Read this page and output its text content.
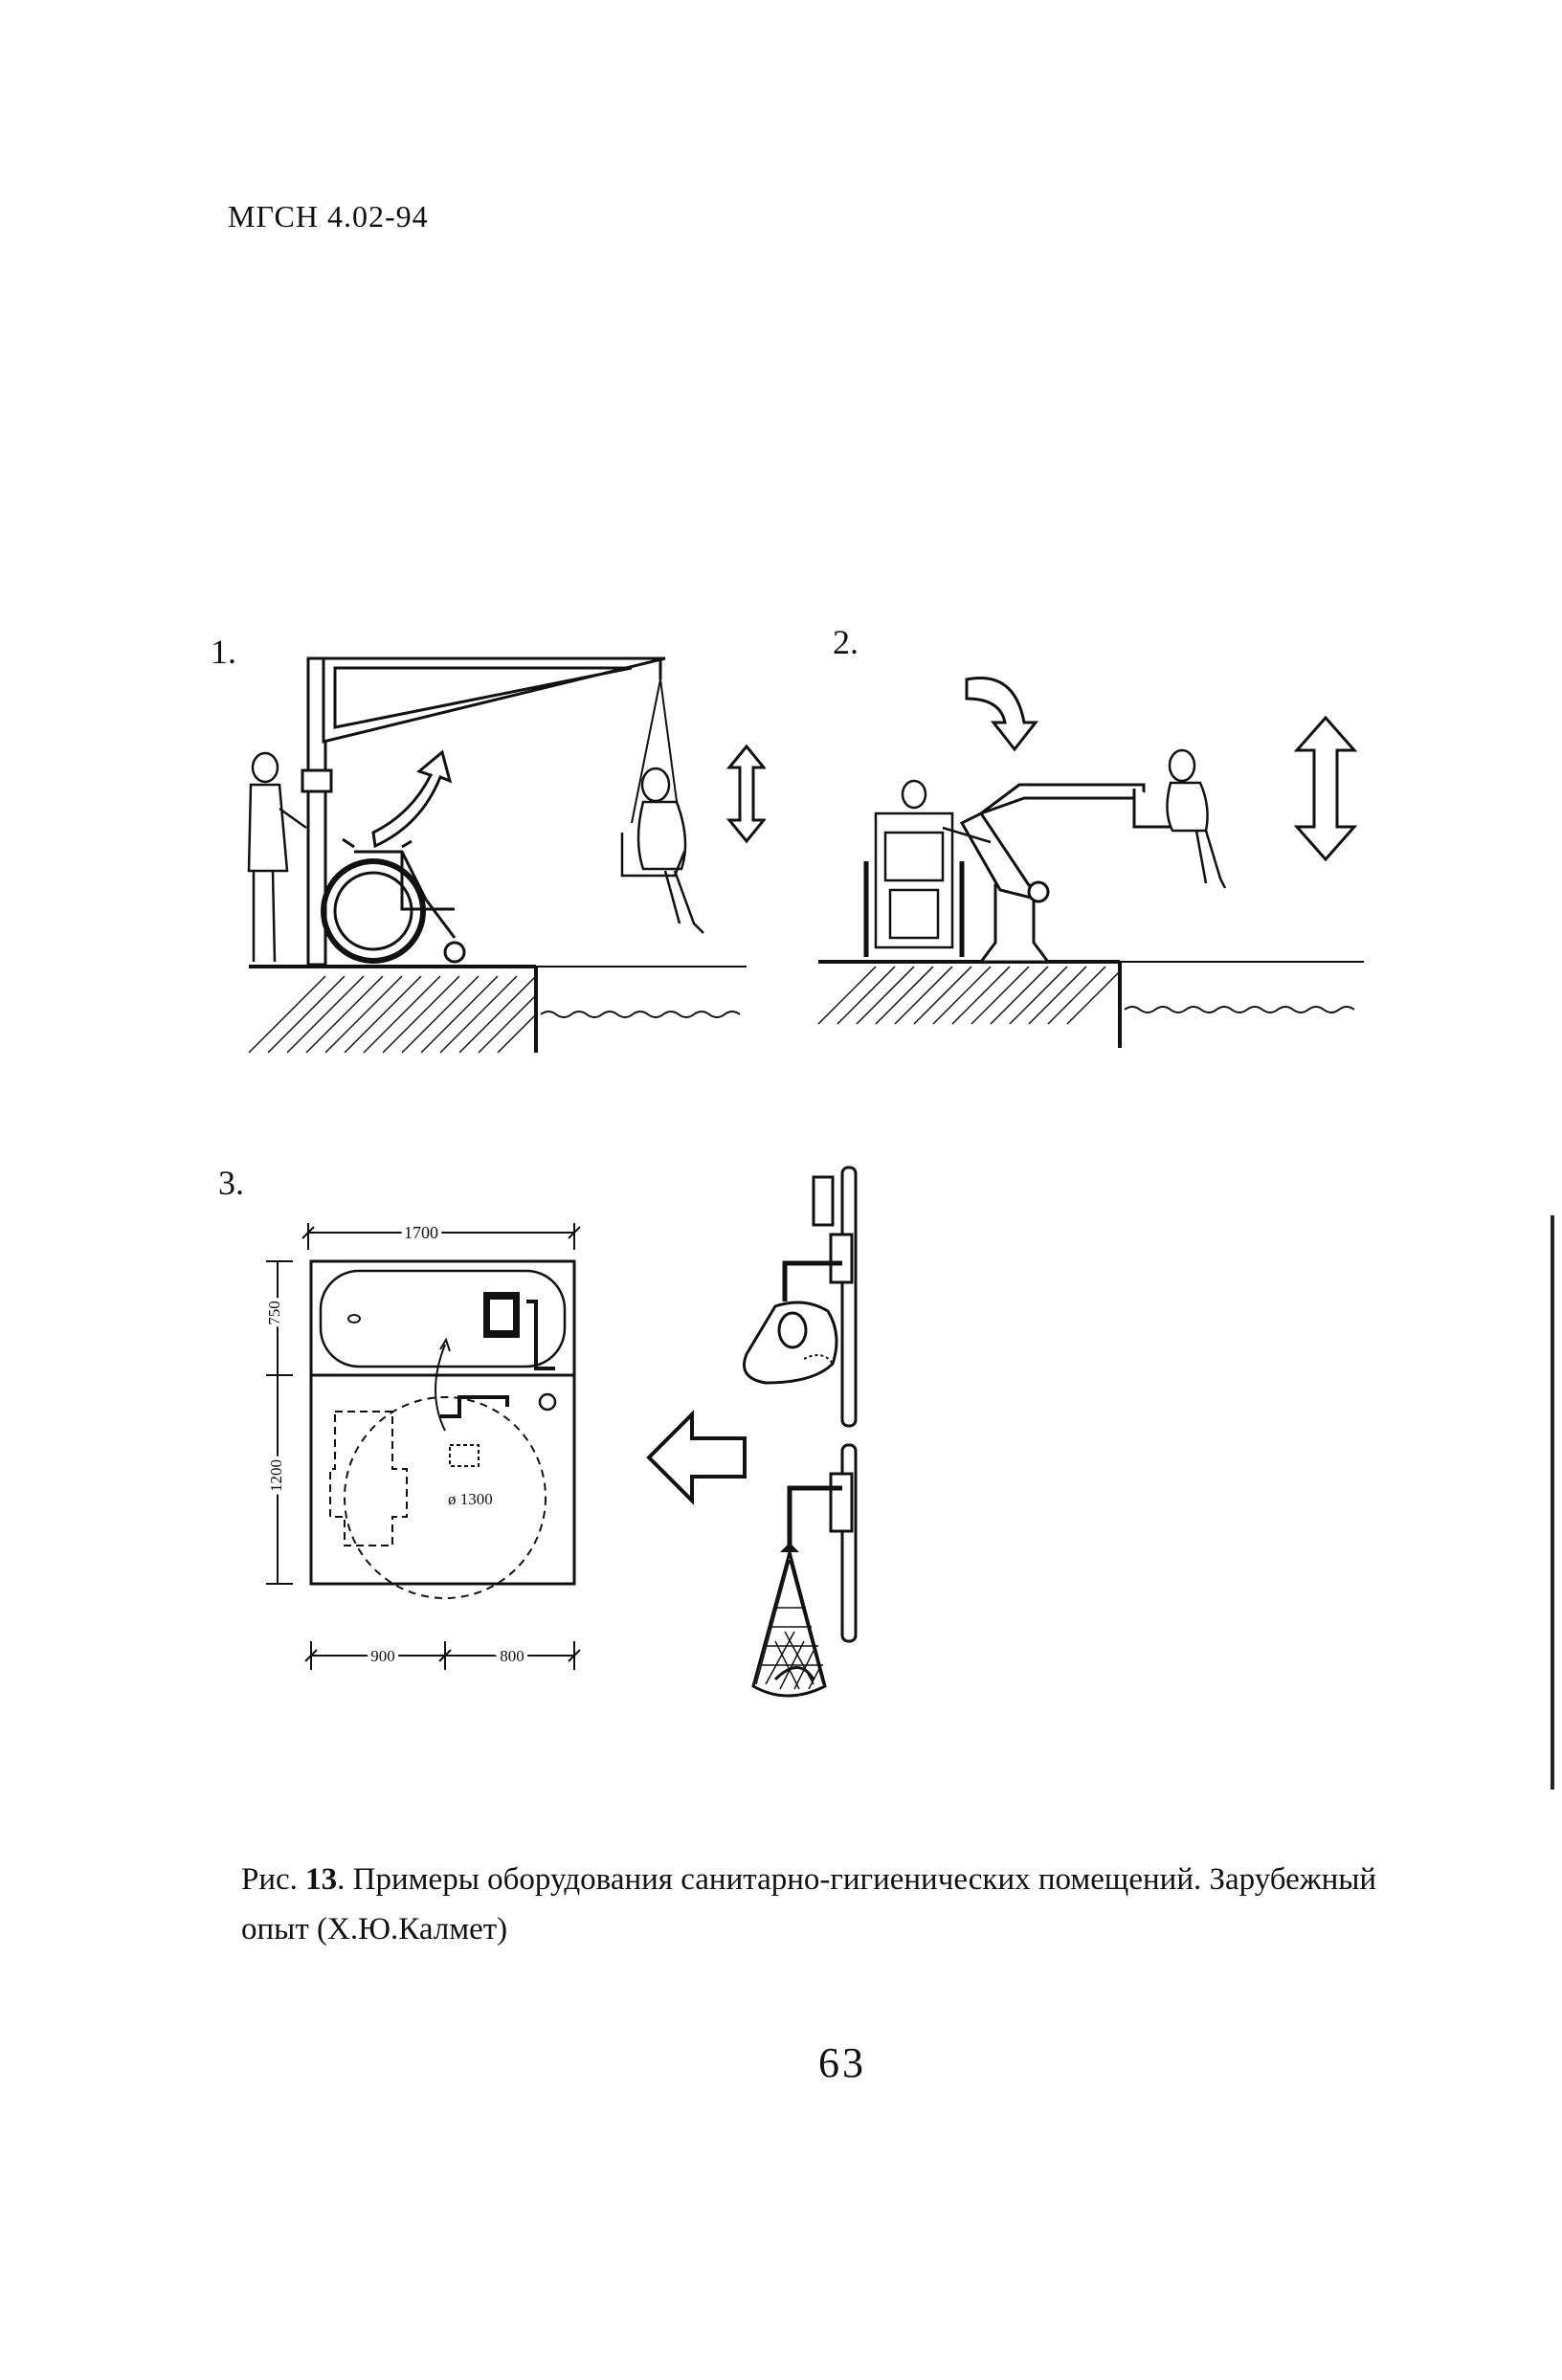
МГСН 4.02-94
1.	2.
3.
1700
750
1200
ø 1300
900	800
Рис. 13. Примеры оборудования санитарно-гигиенических помещений. Зарубежный опыт (Х.Ю.Калмет)
63
